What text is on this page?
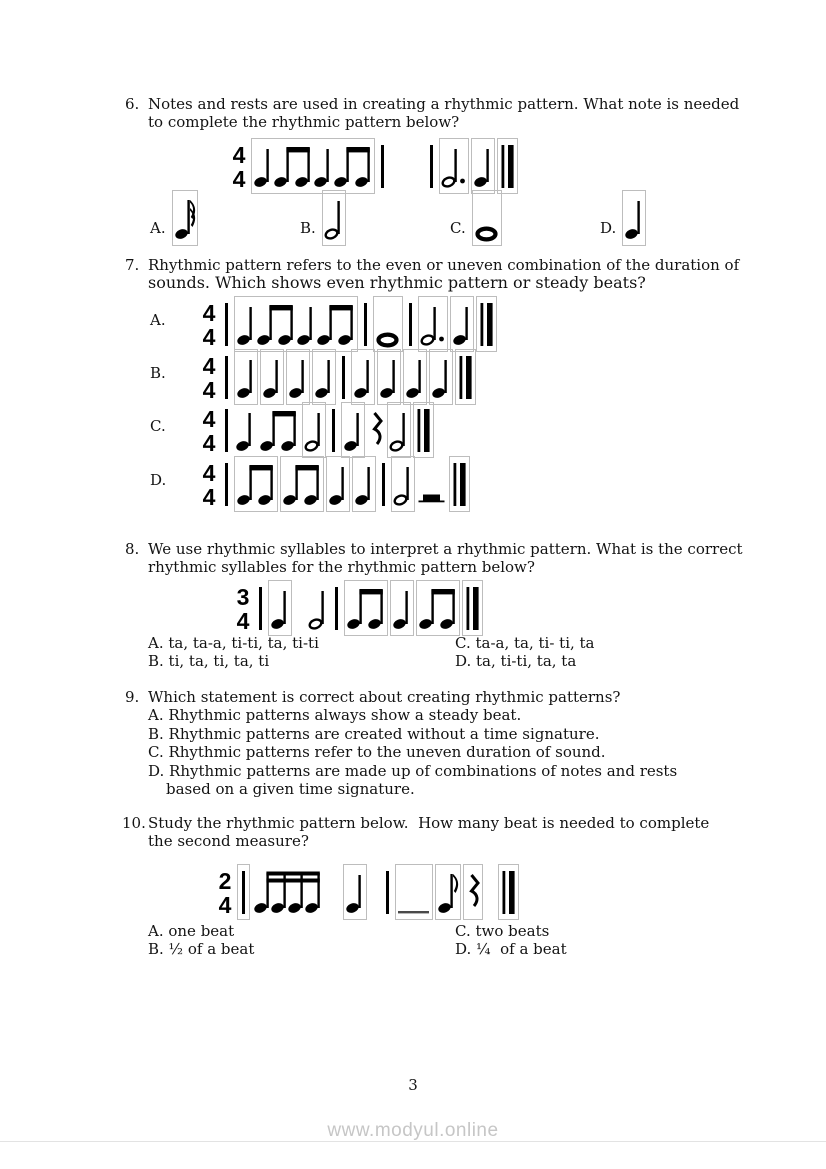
6. Notes and rests are used in creating a rhythmic pattern. What note is needed
to complete the rhythmic pattern below?
4
4
A.	B.	C.	D.
7. Rhythmic pattern refers to the even or uneven combination of the duration of
sounds. Which shows even rhythmic pattern or steady beats?
A. 4
4
B. 4
4
C. 4
4
D. 4
4
8. We use rhythmic syllables to interpret a rhythmic pattern. What is the correct
rhythmic syllables for the rhythmic pattern below?
3
4
A. ta, ta-a, ti-ti, ta, ti-ti
B. ti, ta, ti, ta, ti
C. ta-a, ta, ti- ti, ta
D. ta, ti-ti, ta, ta
9. Which statement is correct about creating rhythmic patterns?
A. Rhythmic patterns always show a steady beat.
B. Rhythmic patterns are created without a time signature.
C. Rhythmic patterns refer to the uneven duration of sound.
D. Rhythmic patterns are made up of combinations of notes and rests
based on a given time signature.
10. Study the rhythmic pattern below.  How many beat is needed to complete
the second measure?
2
4
A. one beat
B. ½ of a beat
C. two beats
D. ¼  of a beat
3
www.modyul.online
